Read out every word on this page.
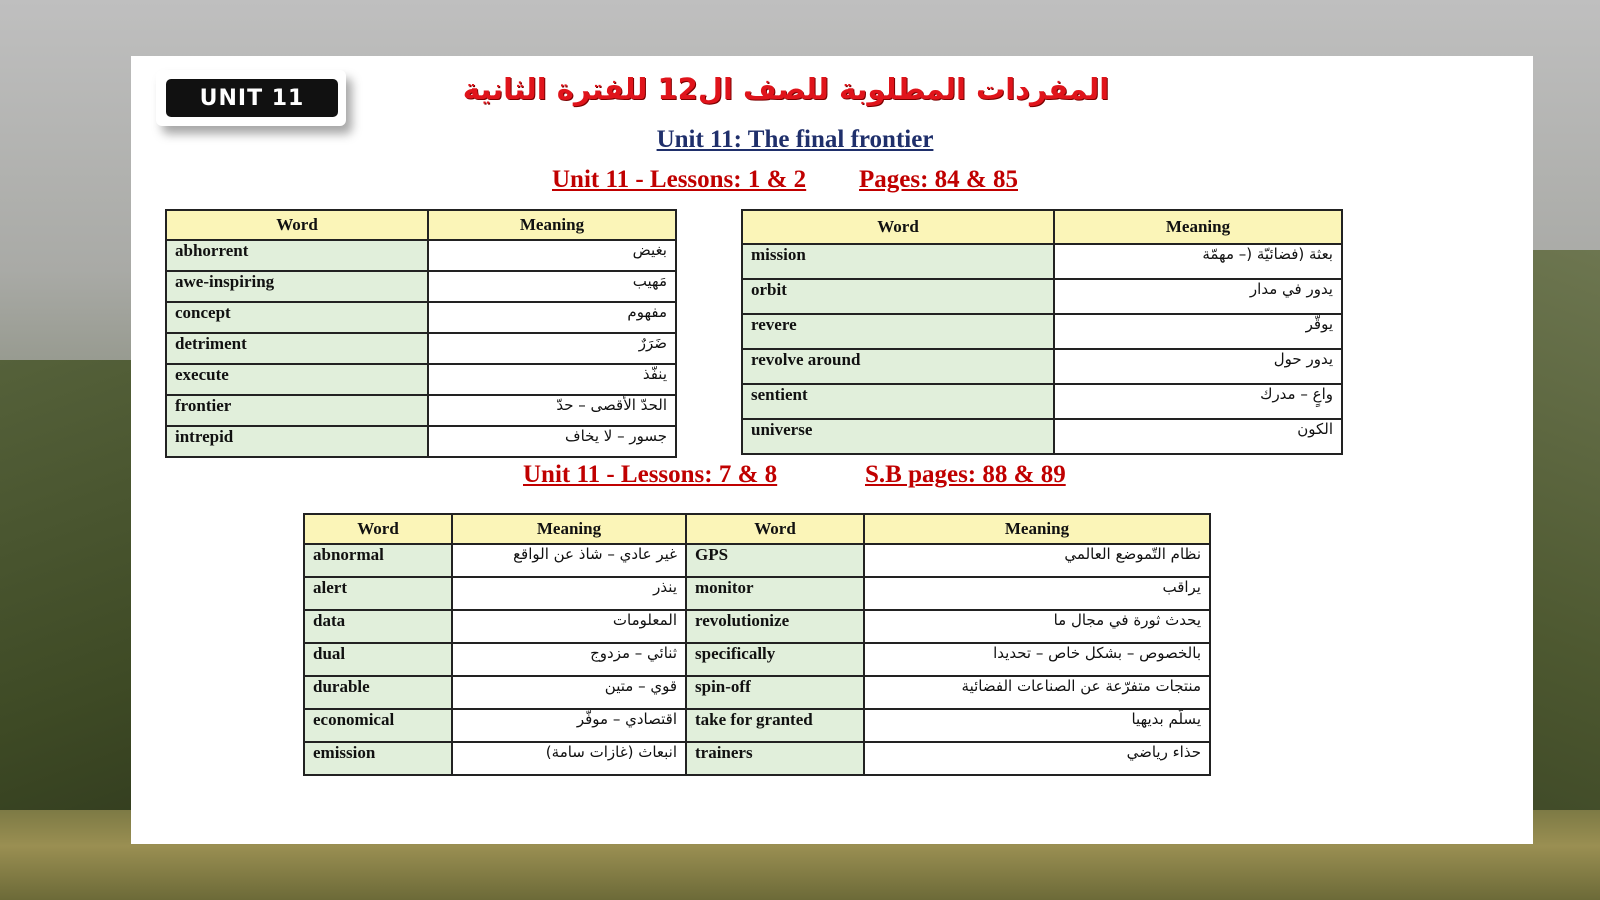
UNIT 11	المفردات المطلوبة للصف ال12 للفترة الثانية
Unit 11: The final frontier
Unit 11 - Lessons: 1 & 2 Pages: 84 & 85
Word	Meaning
abhorrent	بغيض
awe-inspiring	مَهيب
concept	مفهوم
detriment	ضَرَرٌ
execute	ينفّذ
frontier	الحدّ الأقصى – حدّ
intrepid	جسور – لا يخاف
Word	Meaning
mission	بعثة (فضائيّة (– مهمّة
orbit	يدور في مدار
revere	يوقّر
revolve around	يدور حول
sentient	واعٍ – مدرك
universe	الكون
Unit 11 - Lessons: 7 & 8	S.B pages: 88 & 89
Word	Meaning	Word	Meaning
abnormal	غير عادي – شاذ عن الواقع	GPS	نظام التّموضع العالمي
alert	ينذر	monitor	يراقب
data	المعلومات	revolutionize	يحدث ثورة في مجال ما
dual	ثنائي – مزدوج	specifically	بالخصوص – بشكل خاص – تحديدا
durable	قوي – متين	spin-off	منتجات متفرّعة عن الصناعات الفضائية
economical	اقتصادي – موفّر	take for granted	يسلّم بديهيا
emission	انبعاث (غازات سامة)	trainers	حذاء رياضي
